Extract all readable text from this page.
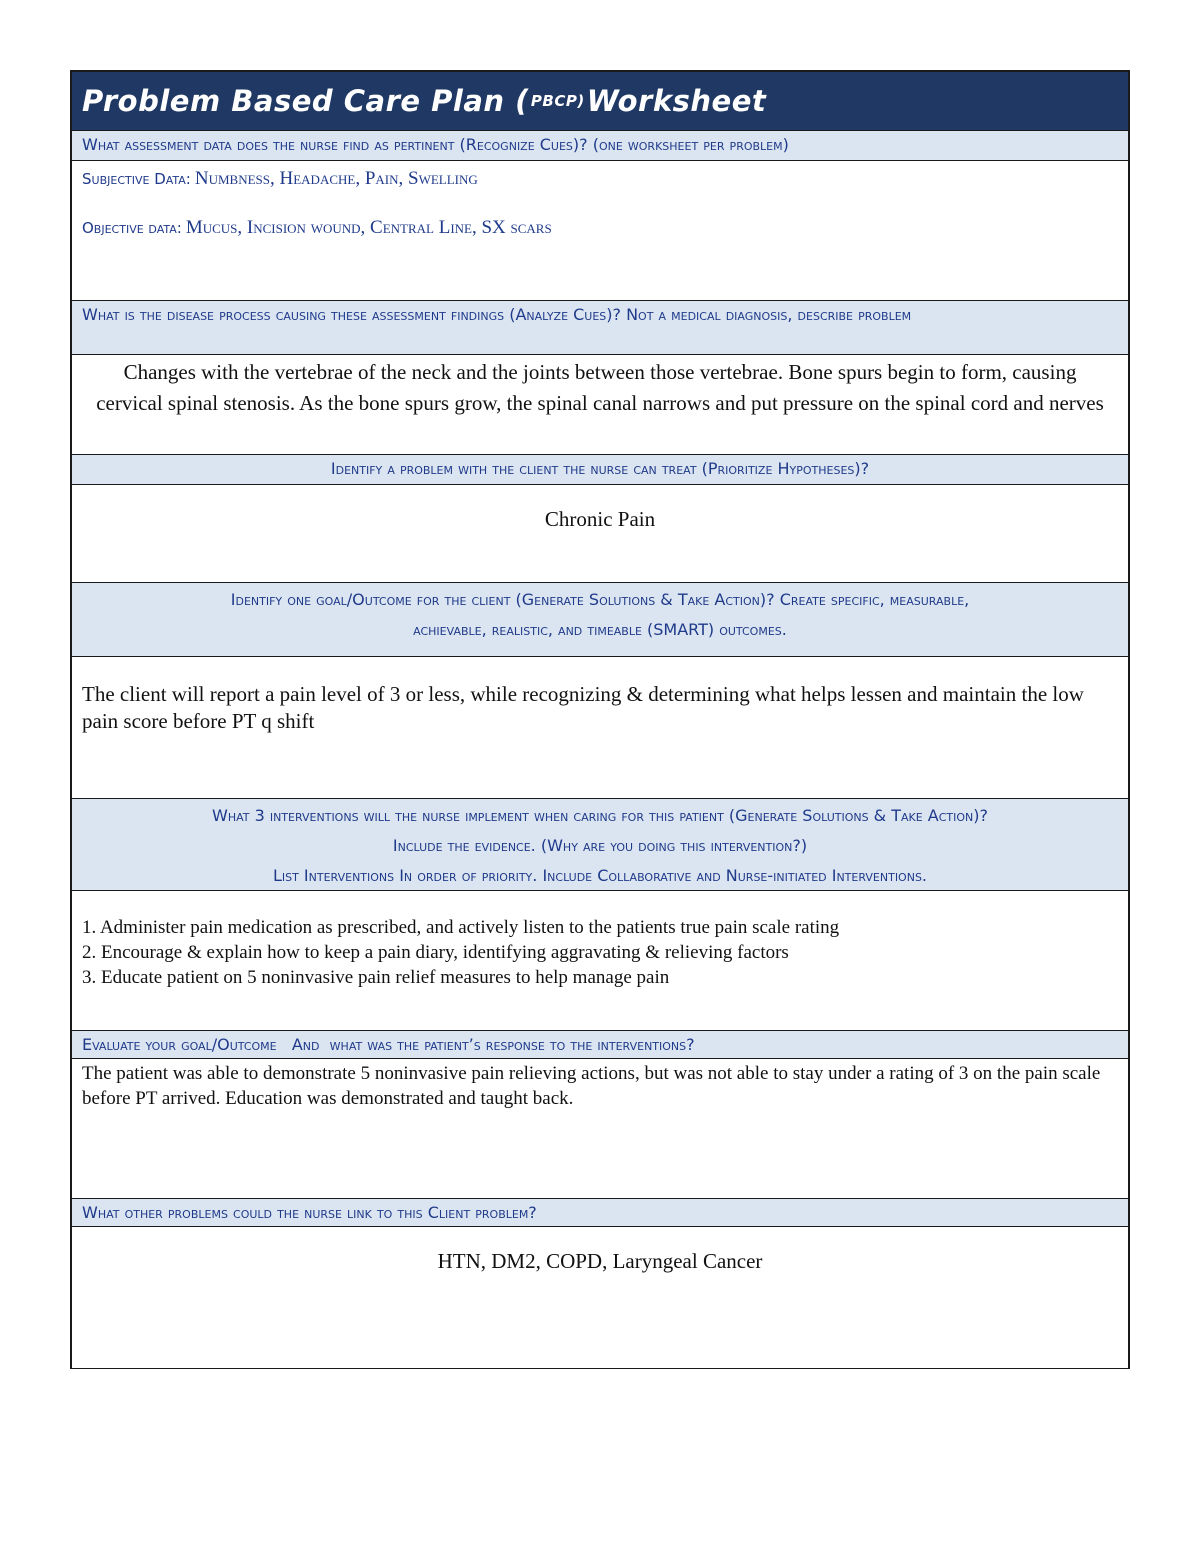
Problem Based Care Plan ( PBCP) Worksheet
What assessment data does the nurse find as pertinent (Recognize Cues)? (one worksheet per problem)
Subjective Data: Numbness, Headache, Pain, Swelling
Objective data: Mucus, Incision wound, Central Line, SX scars
What is the disease process causing these assessment findings (Analyze Cues)? Not a medical diagnosis, describe problem
Changes with the vertebrae of the neck and the joints between those vertebrae. Bone spurs begin to form, causing cervical spinal stenosis. As the bone spurs grow, the spinal canal narrows and put pressure on the spinal cord and nerves
Identify a problem with the client the nurse can treat (Prioritize Hypotheses)?
Chronic Pain
Identify one goal/Outcome for the client (Generate Solutions & Take Action)? Create specific, measurable,
achievable, realistic, and timeable (SMART) outcomes.
The client will report a pain level of 3 or less, while recognizing & determining what helps lessen and maintain the low pain score before PT q shift
What 3 interventions will the nurse implement when caring for this patient (Generate Solutions & Take Action)?
Include the evidence. (Why are you doing this intervention?)
List Interventions In order of priority. Include Collaborative and Nurse-initiated Interventions.
1. Administer pain medication as prescribed, and actively listen to the patients true pain scale rating
2. Encourage & explain how to keep a pain diary, identifying aggravating & relieving factors
3. Educate patient on 5 noninvasive pain relief measures to help manage pain
Evaluate your goal/Outcome   And  what was the patient’s response to the interventions?
The patient was able to demonstrate 5 noninvasive pain relieving actions, but was not able to stay under a rating of 3 on the pain scale before PT arrived. Education was demonstrated and taught back.
What other problems could the nurse link to this Client problem?
HTN, DM2, COPD, Laryngeal Cancer
